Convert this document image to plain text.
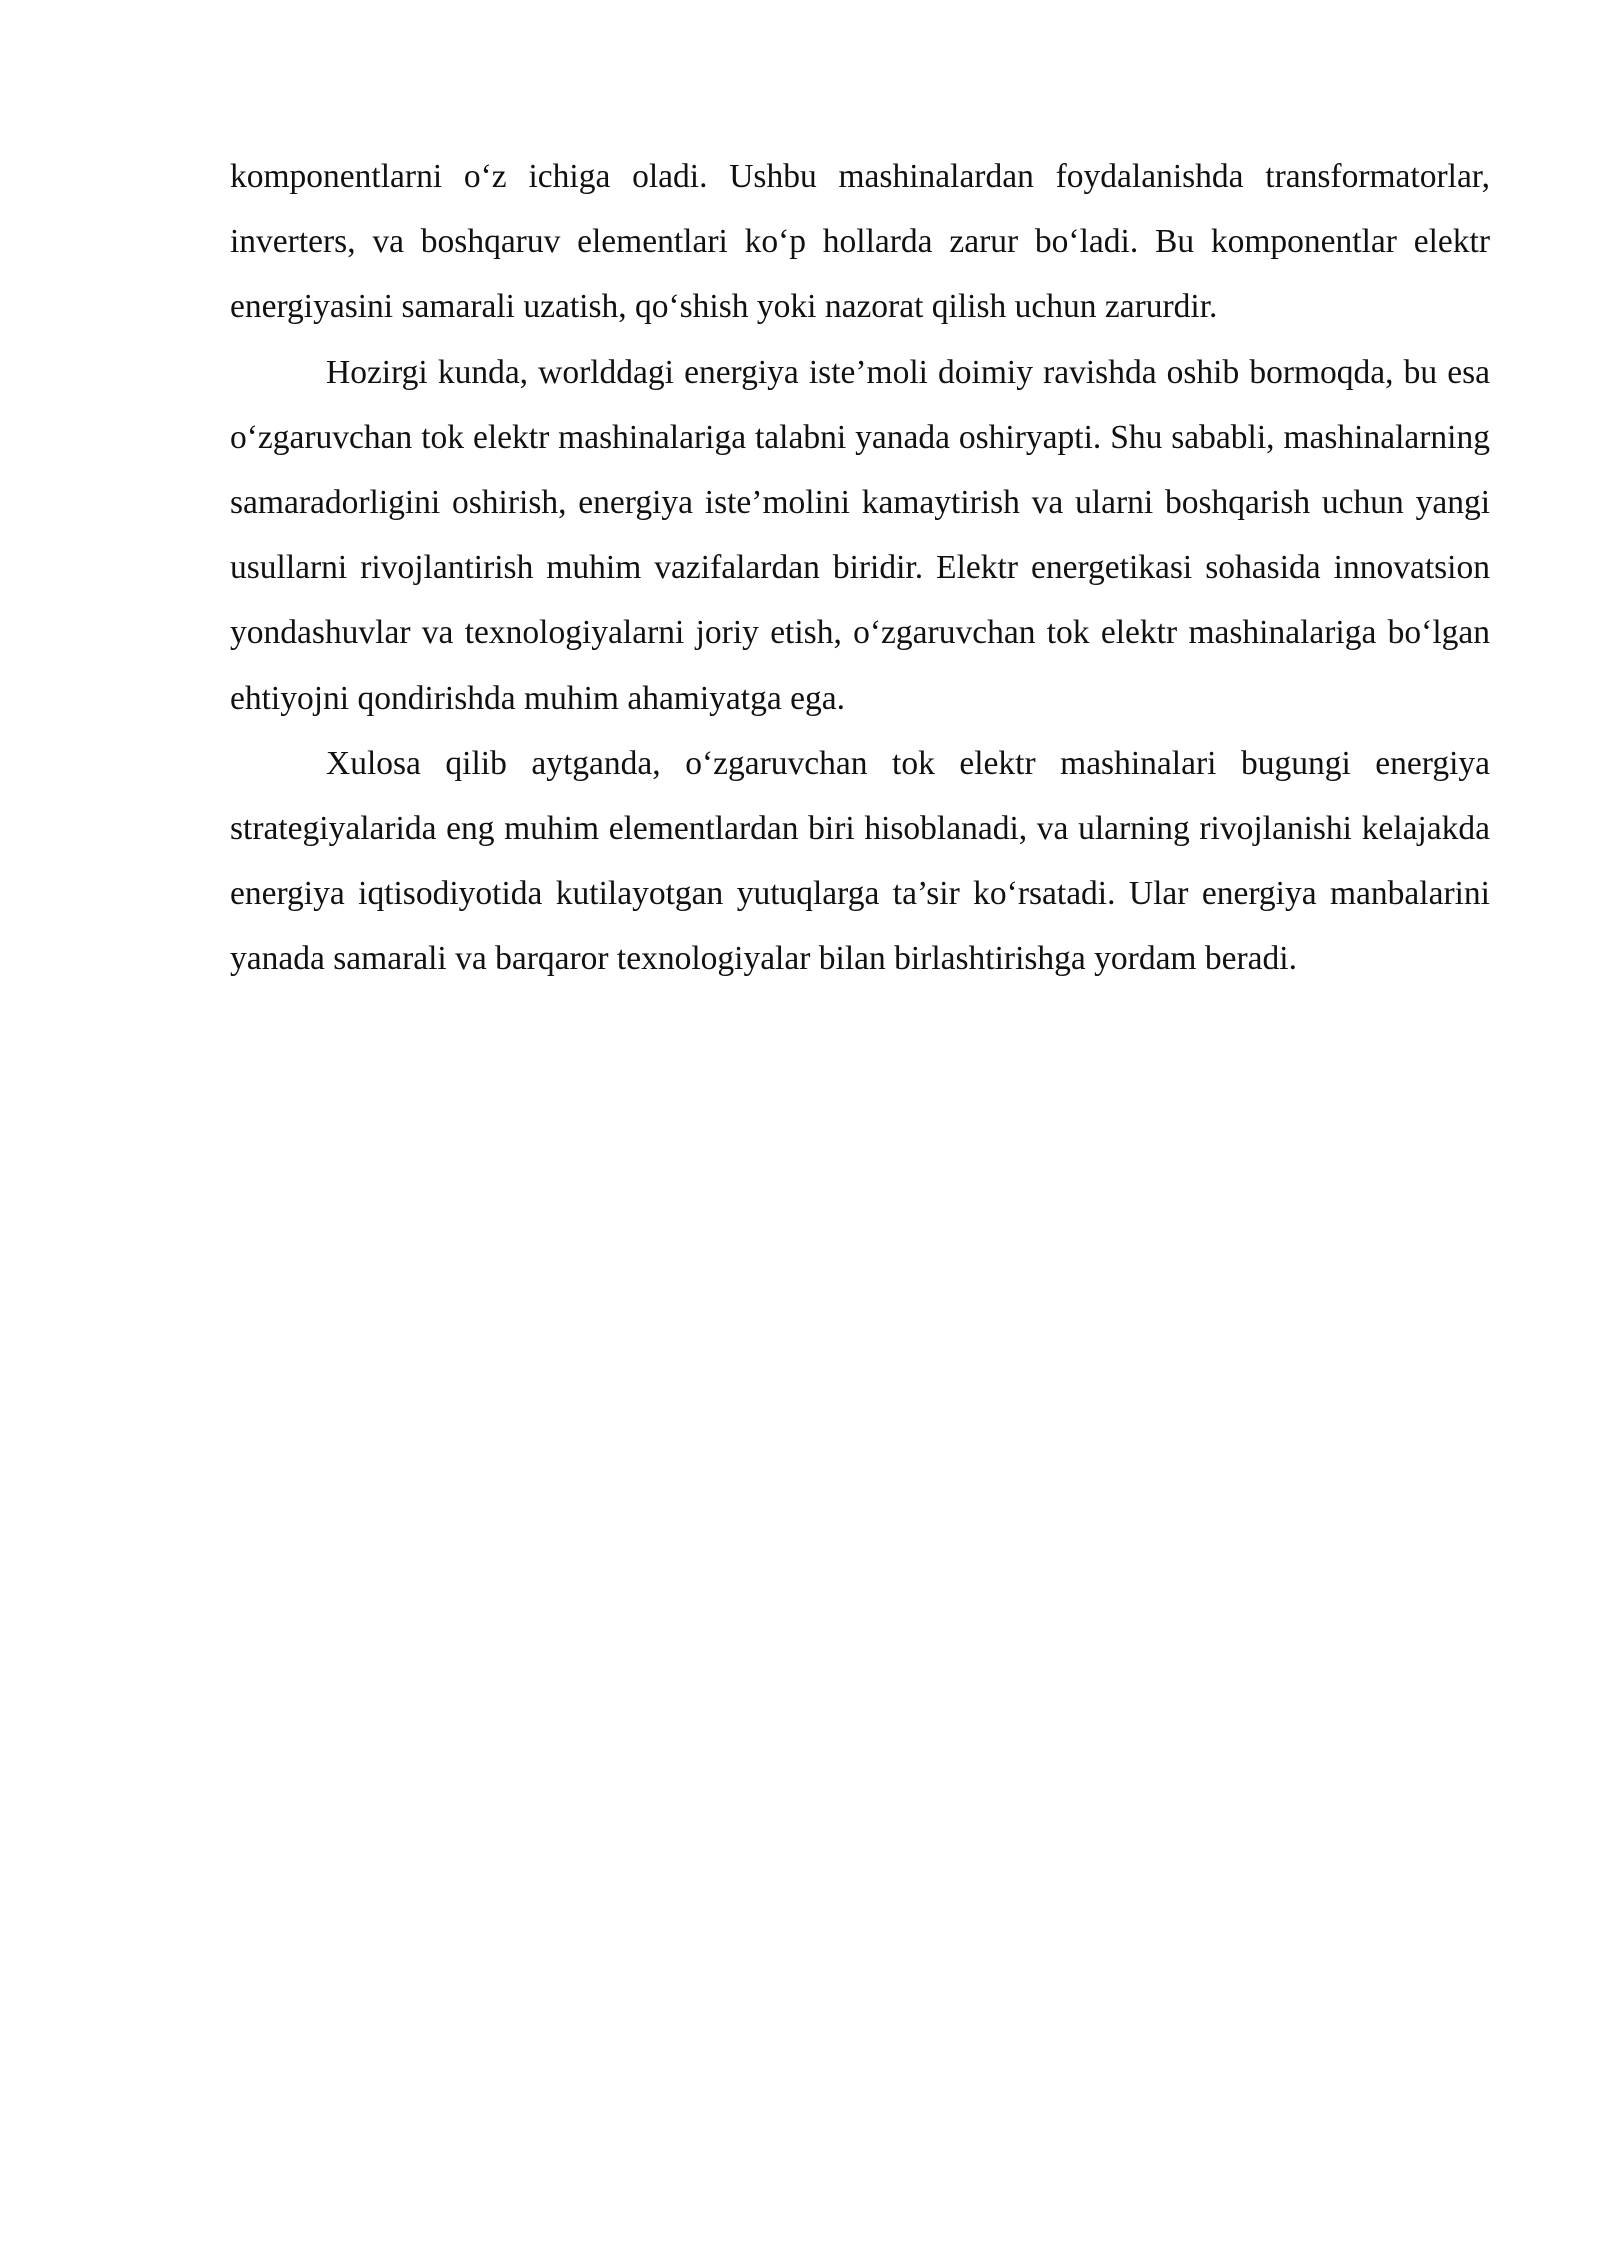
komponentlarni o‘z ichiga oladi. Ushbu mashinalardan foydalanishda transformatorlar, inverters, va boshqaruv elementlari ko‘p hollarda zarur bo‘ladi. Bu komponentlar elektr energiyasini samarali uzatish, qo‘shish yoki nazorat qilish uchun zarurdir.

Hozirgi kunda, worlddagi energiya iste’moli doimiy ravishda oshib bormoqda, bu esa o‘zgaruvchan tok elektr mashinalariga talabni yanada oshiryapti. Shu sababli, mashinalarning samaradorligini oshirish, energiya iste’molini kamaytirish va ularni boshqarish uchun yangi usullarni rivojlantirish muhim vazifalardan biridir. Elektr energetikasi sohasida innovatsion yondashuvlar va texnologiyalarni joriy etish, o‘zgaruvchan tok elektr mashinalariga bo‘lgan ehtiyojni qondirishda muhim ahamiyatga ega.

Xulosa qilib aytganda, o‘zgaruvchan tok elektr mashinalari bugungi energiya strategiyalarida eng muhim elementlardan biri hisoblanadi, va ularning rivojlanishi kelajakda energiya iqtisodiyotida kutilayotgan yutuqlarga ta’sir ko‘rsatadi. Ular energiya manbalarini yanada samarali va barqaror texnologiyalar bilan birlashtirishga yordam beradi.
